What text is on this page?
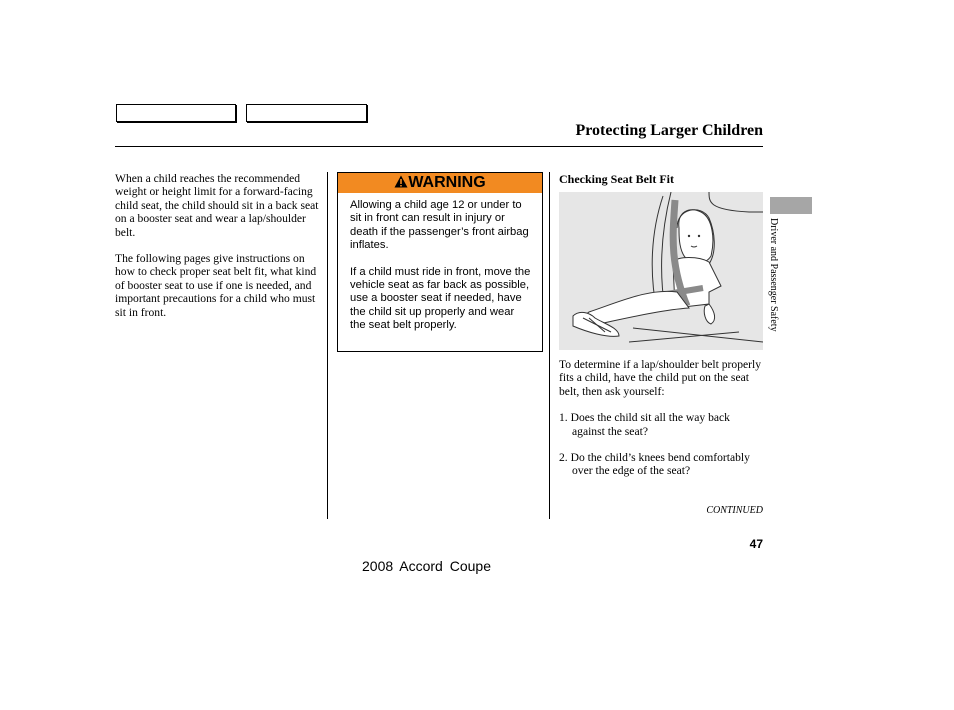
Protecting Larger Children

When a child reaches the recommended weight or height limit for a forward-facing child seat, the child should sit in a back seat on a booster seat and wear a lap/shoulder belt.

The following pages give instructions on how to check proper seat belt fit, what kind of booster seat to use if one is needed, and important precautions for a child who must sit in front.

WARNING

Allowing a child age 12 or under to sit in front can result in injury or death if the passenger’s front airbag inflates.

If a child must ride in front, move the vehicle seat as far back as possible, use a booster seat if needed, have the child sit up properly and wear the seat belt properly.

Checking Seat Belt Fit

To determine if a lap/shoulder belt properly fits a child, have the child put on the seat belt, then ask yourself:

1. Does the child sit all the way back against the seat?

2. Do the child’s knees bend comfortably over the edge of the seat?

CONTINUED
47
2008 Accord Coupe
Driver and Passenger Safety
